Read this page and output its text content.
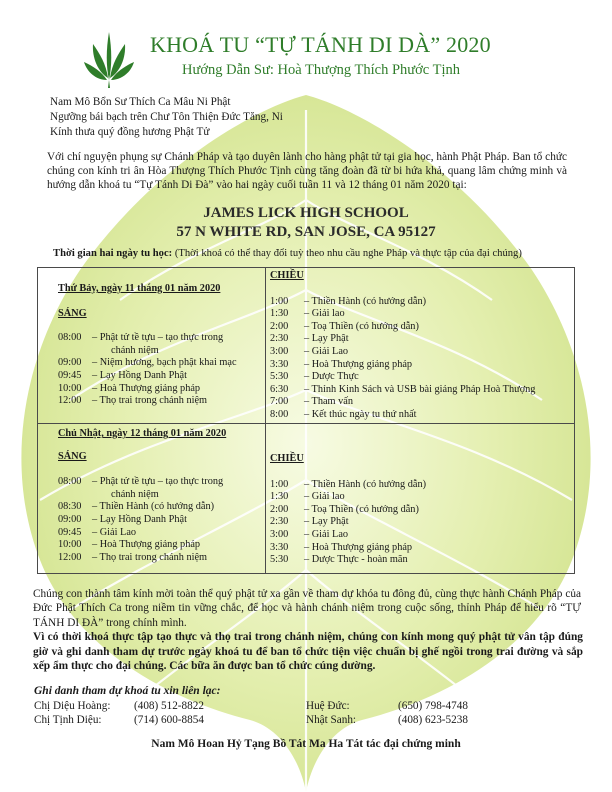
KHOÁ TU “TỰ TÁNH DI DÀ” 2020
Hướng Dẫn Sư: Hoà Thượng Thích Phước Tịnh
Nam Mô Bổn Sư Thích Ca Mâu Ni Phật
Ngưỡng bái bạch trên Chư Tôn Thiện Đức Tăng, Ni
Kính thưa quý đồng hương Phật Tử
Với chí nguyện phụng sự Chánh Pháp và tạo duyên lành cho hàng phật tử tại gia học, hành Phật Pháp. Ban tổ chức chúng con kính tri ân Hòa Thượng Thích Phước Tịnh cùng tăng đoàn đã từ bi hứa khả, quang lâm chứng minh và hướng dẫn khoá tu “Tự Tánh Di Đà” vào hai ngày cuối tuần 11 và 12 tháng 01 năm 2020 tại:
JAMES LICK HIGH SCHOOL
57 N WHITE RD, SAN JOSE, CA 95127
Thời gian hai ngày tu học: (Thời khoá có thể thay đổi tuỳ theo nhu cầu nghe Pháp và thực tập của đại chúng)
Thứ Bảy, ngày 11 tháng 01 năm 2020
SÁNG
08:00	– Phật tử tề tựu – tạo thực trong
chánh niệm
09:00	– Niệm hương, bạch phật khai mạc
09:45	– Lạy Hồng Danh Phật
10:00	– Hoà Thượng giảng pháp
12:00	– Thọ trai trong chánh niệm
CHIỀU
1:00	– Thiền Hành (có hướng dẫn)
1:30	– Giải lao
2:00	– Toạ Thiền (có hướng dẫn)
2:30	– Lạy Phật
3:00	– Giải Lao
3:30	– Hoà Thượng giảng pháp
5:30	– Dược Thực
6:30	– Thỉnh Kinh Sách và USB bài giảng Pháp Hoà Thượng
7:00	– Tham vấn
8:00	– Kết thúc ngày tu thứ nhất
Chủ Nhật, ngày 12 tháng 01 năm 2020
SÁNG
08:00	– Phật tử tề tựu – tạo thực trong
chánh niệm
08:30	– Thiền Hành (có hướng dẫn)
09:00	– Lạy Hồng Danh Phật
09:45	– Giải Lao
10:00	– Hoà Thượng giảng pháp
12:00	– Thọ trai trong chánh niệm
CHIỀU
1:00	– Thiền Hành (có hướng dẫn)
1:30	– Giải lao
2:00	– Toạ Thiền (có hướng dẫn)
2:30	– Lạy Phật
3:00	– Giải Lao
3:30	– Hoà Thượng giảng pháp
5:30	– Dược Thực - hoàn mãn
Chúng con thành tâm kính mời toàn thể quý phật tử xa gần về tham dự khóa tu đông đủ, cùng thực hành Chánh Pháp của Đức Phật Thích Ca trong niềm tin vững chắc, để học và hành chánh niệm trong cuộc sống, thỉnh Pháp để hiểu rõ “TỰ TÁNH DI ĐÀ” trong chính mình.
Vì có thời khoá thực tập tạo thực và thọ trai trong chánh niệm, chúng con kính mong quý phật tử vân tập đúng giờ và ghi danh tham dự trước ngày khoá tu để ban tổ chức tiện việc chuẩn bị ghế ngồi trong trai đường và sắp xếp ẩm thực cho đại chúng. Các bữa ăn được ban tổ chức cúng dường.
Ghi danh tham dự khoá tu xin liên lạc:
Chị Diệu Hoàng: (408) 512-8822
Chị Tịnh Diệu:	(714) 600-8854
Huệ Đức:	(650) 798-4748
Nhật Sanh:	(408) 623-5238
Nam Mô Hoan Hỷ Tạng Bồ Tát Ma Ha Tát tác đại chứng minh
